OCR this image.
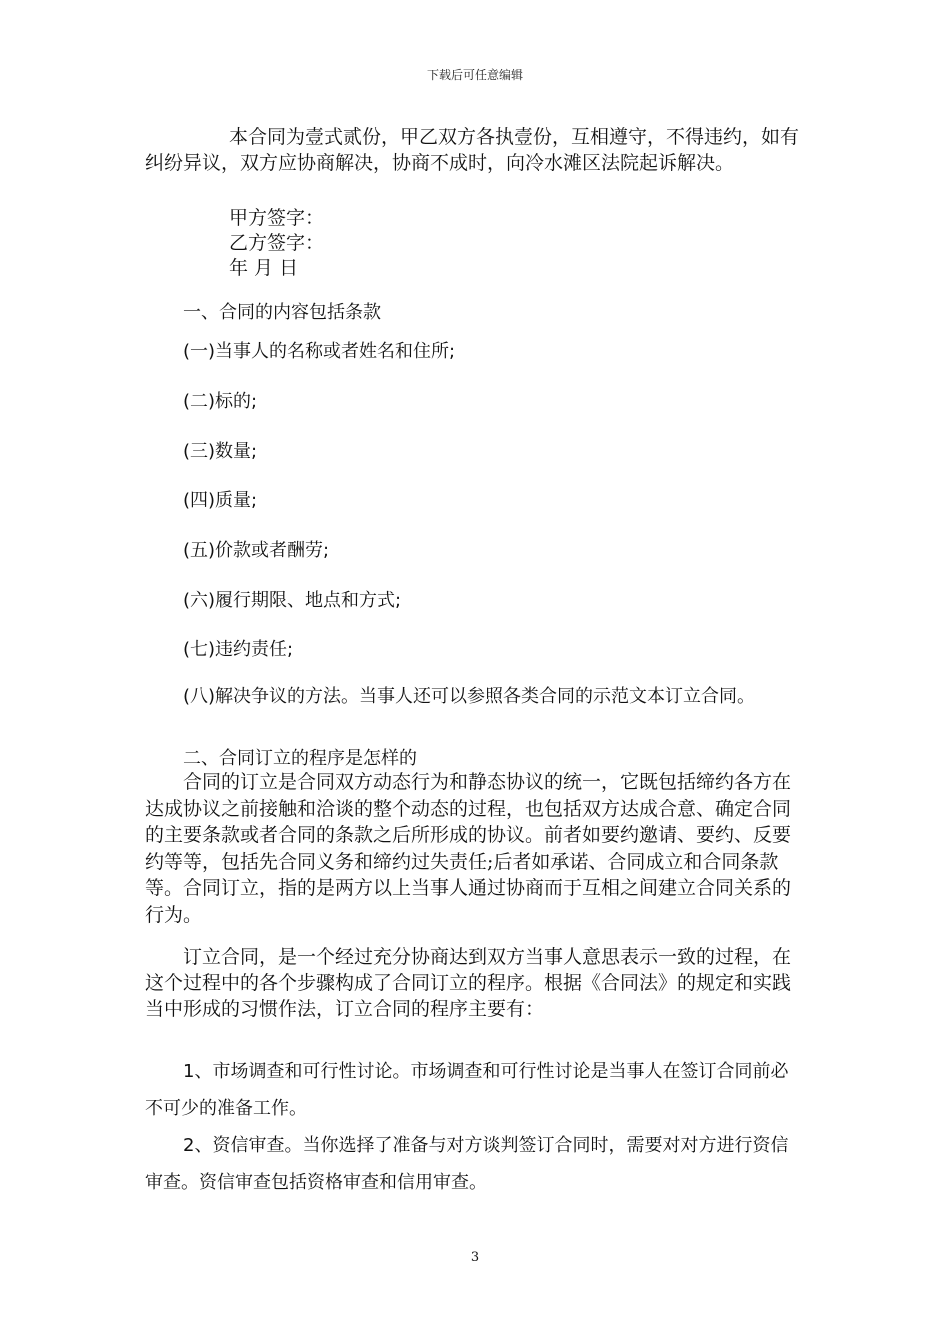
下载后可任意编辑

本合同为壹式贰份，甲乙双方各执壹份，互相遵守，不得违约，如有 纠纷异议，双方应协商解决，协商不成时，向冷水滩区法院起诉解决。

甲方签字：
乙方签字：
年 月 日
一、合同的内容包括条款
(一)当事人的名称或者姓名和住所;
(二)标的;
(三)数量;
(四)质量;
(五)价款或者酬劳;
(六)履行期限、地点和方式;
(七)违约责任;

(八)解决争议的方法。当事人还可以参照各类合同的示范文本订立合同。

二、合同订立的程序是怎样的

合同的订立是合同双方动态行为和静态协议的统一，它既包括缔约各方在达成协议之前接触和洽谈的整个动态的过程，也包括双方达成合意、确定合同的主要条款或者合同的条款之后所形成的协议。前者如要约邀请、要约、反要约等等，包括先合同义务和缔约过失责任;后者如承诺、合同成立和合同条款等。合同订立，指的是两方以上当事人通过协商而于互相之间建立合同关系的行为。

订立合同，是一个经过充分协商达到双方当事人意思表示一致的过程，在这个过程中的各个步骤构成了合同订立的程序。根据《合同法》的规定和实践当中形成的习惯作法，订立合同的程序主要有：

1、市场调查和可行性讨论。市场调查和可行性讨论是当事人在签订合同前必不可少的准备工作。

2、资信审查。当你选择了准备与对方谈判签订合同时，需要对对方进行资信审查。资信审查包括资格审查和信用审查。

3
